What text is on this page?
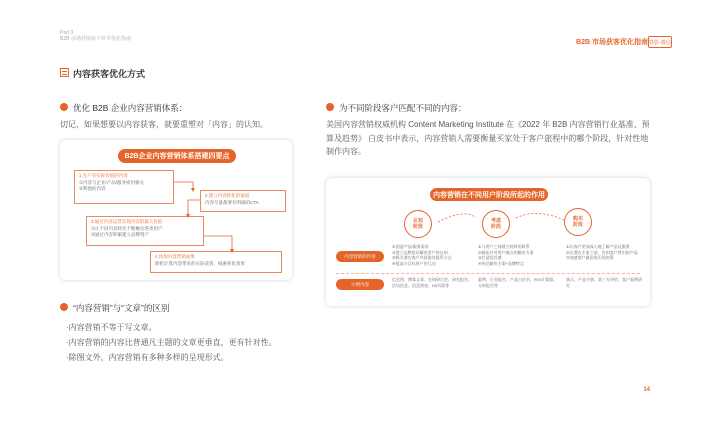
Part 3
B2B 市场营销每个环节优化指南	B2B 市场获客优化指南 铁影·微信
内容获客优化方式
优化 B2B 企业内容营销体系：
切记，如果想要以内容获客，就要重塑对「内容」的认知。
B2B企业内容营销体系搭建四要点
1.生产有实际价值的内容
①内容与企业/产品/服务密切相关
②利他的内容
2.建立内容转化的通道
内容尽量都要有明确的CTA
3.通过内容运营实现内容的最大价值
①让不同内容转化不断触达各类用户
②通过内容积累建立品牌资产
4.体现内容营销成果
除把计算内容带来的实际获客，线索转化效果
“内容营销”与“文章”的区别
·内容营销不等于写文章。
·内容营销的内容比普通凡主题的文章更垂直，更有针对性。
·除图文外，内容营销有多种多样的呈现形式。
为不同阶段客户匹配不同的内容：
美国内容营销权威机构 Content Marketing Institute 在《2022 年 B2B 内容营销行业基准、预算及趋势》 白皮书中表示，内容营销人需要衡量买家处于客户旅程中的哪个阶段，针对性地制作内容。
内容营销在不同用户阶段所起的作用
认知
阶段
考虑
阶段
购买
阶段
内容营销的作用
①创造产品/服务需求
②建立品牌意识解决用户的认知
③吸引潜在客户并获取其联系方式
④提高与目标用户的互动
①与用户之间建立持续的联系
②输出针对用户痛点的解决方案
③打造信任感
④传达解决方案+品牌特点
①让客户更加深入地了解产品及服务
②在潜在买家之前，告知客户我们的产品
③加速客户做出购买的决策
示例内容
信息图、博客文章、在线研讨会、研究报告、活动信息、信息图表、H5页面等
案例、行业报告、产品白皮书、ROI计算器、分析报告等
演示、产品手册、第三方评价、客户案例研究
14
